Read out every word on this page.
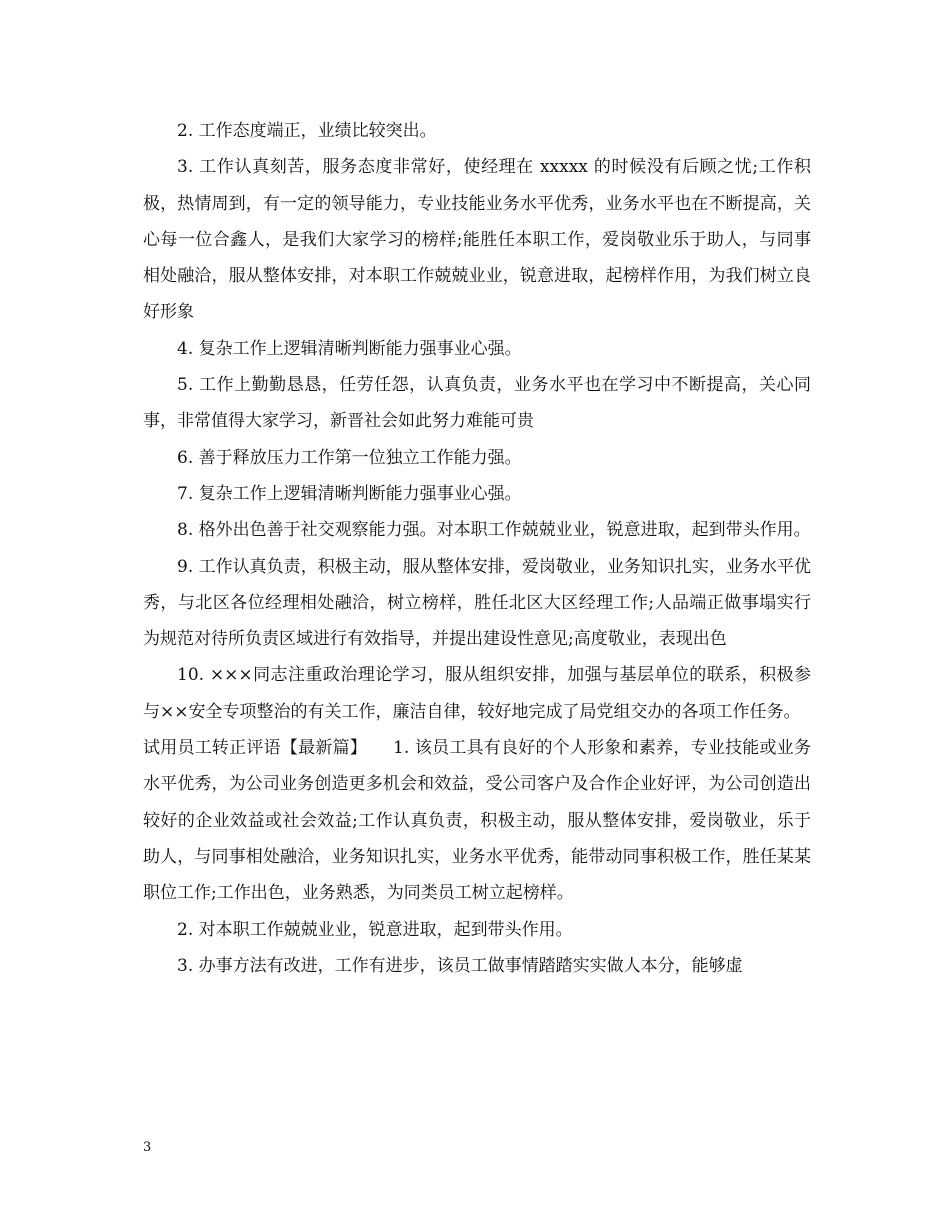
2. 工作态度端正，业绩比较突出。

3. 工作认真刻苦，服务态度非常好，使经理在 xxxxx 的时候没有后顾之忧;工作积极，热情周到，有一定的领导能力，专业技能业务水平优秀，业务水平也在不断提高，关心每一位合鑫人，是我们大家学习的榜样;能胜任本职工作，爱岗敬业乐于助人，与同事相处融洽，服从整体安排，对本职工作兢兢业业，锐意进取，起榜样作用，为我们树立良好形象

4. 复杂工作上逻辑清晰判断能力强事业心强。

5. 工作上勤勤恳恳，任劳任怨，认真负责，业务水平也在学习中不断提高，关心同事，非常值得大家学习，新晋社会如此努力难能可贵

6. 善于释放压力工作第一位独立工作能力强。

7. 复杂工作上逻辑清晰判断能力强事业心强。

8. 格外出色善于社交观察能力强。对本职工作兢兢业业，锐意进取，起到带头作用。

9. 工作认真负责，积极主动，服从整体安排，爱岗敬业，业务知识扎实，业务水平优秀，与北区各位经理相处融洽，树立榜样，胜任北区大区经理工作;人品端正做事塌实行为规范对待所负责区域进行有效指导，并提出建设性意见;高度敬业，表现出色

10. ×××同志注重政治理论学习，服从组织安排，加强与基层单位的联系，积极参与××安全专项整治的有关工作，廉洁自律，较好地完成了局党组交办的各项工作任务。

试用员工转正评语【最新篇】　　1. 该员工具有良好的个人形象和素养，专业技能或业务水平优秀，为公司业务创造更多机会和效益，受公司客户及合作企业好评，为公司创造出较好的企业效益或社会效益;工作认真负责，积极主动，服从整体安排，爱岗敬业，乐于助人，与同事相处融洽，业务知识扎实，业务水平优秀，能带动同事积极工作，胜任某某职位工作;工作出色，业务熟悉，为同类员工树立起榜样。

2. 对本职工作兢兢业业，锐意进取，起到带头作用。

3. 办事方法有改进，工作有进步，该员工做事情踏踏实实做人本分，能够虚

3
